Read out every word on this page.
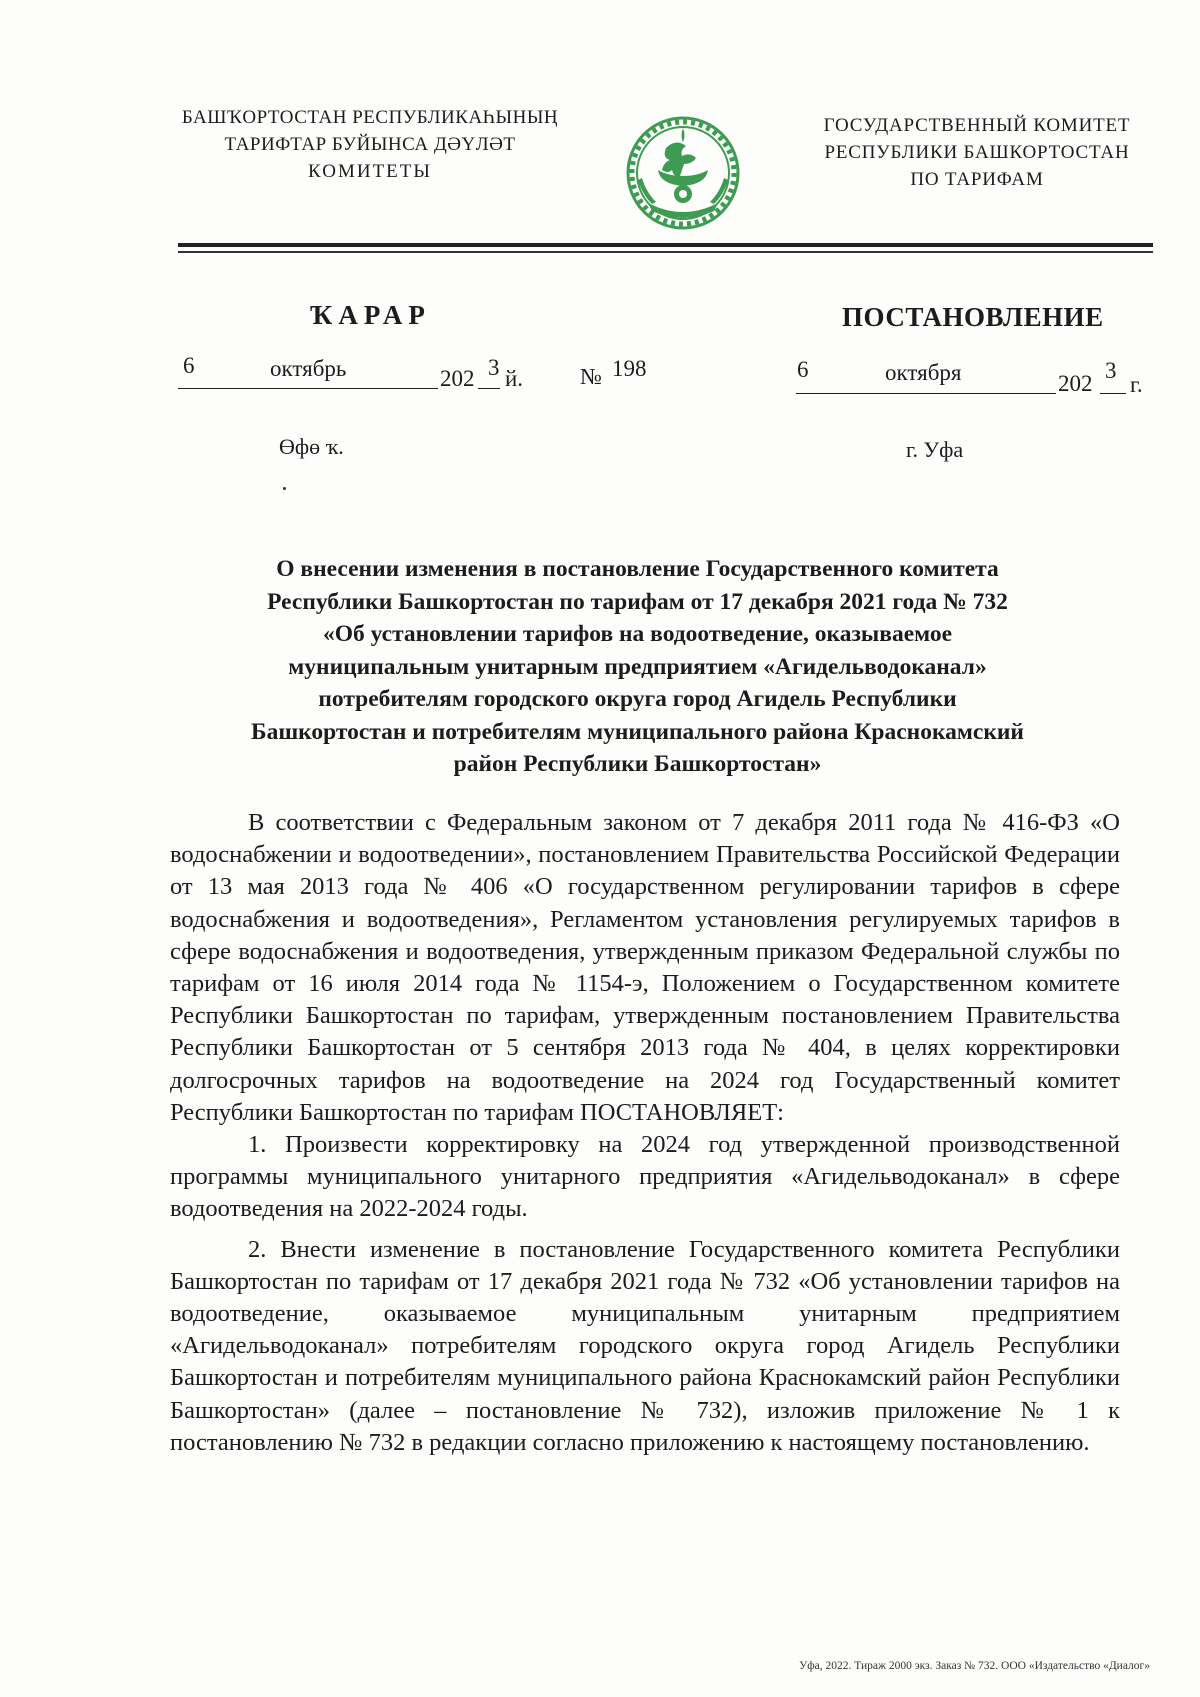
БАШҠОРТОСТАН РЕСПУБЛИКАҺЫНЫҢ
ТАРИФТАР БУЙЫНСА ДӘҮЛӘТ
КОМИТЕТЫ
ГОСУДАРСТВЕННЫЙ КОМИТЕТ
РЕСПУБЛИКИ БАШКОРТОСТАН
ПО ТАРИФАМ
ҠАРАР	ПОСТАНОВЛЕНИЕ
6	октябрь	202 3 й. № 198	6	октября	202
3
г.
Өфө ҡ.	г. Уфа
О внесении изменения в постановление Государственного комитета
Республики Башкортостан по тарифам от 17 декабря 2021 года № 732
«Об установлении тарифов на водоотведение, оказываемое
муниципальным унитарным предприятием «Агидельводоканал»
потребителям городского округа город Агидель Республики
Башкортостан и потребителям муниципального района Краснокамский
район Республики Башкортостан»

В соответствии с Федеральным законом от 7 декабря 2011 года № 416-ФЗ «О водоснабжении и водоотведении», постановлением Правительства Российской Федерации от 13 мая 2013 года № 406 «О государственном регулировании тарифов в сфере водоснабжения и водоотведения», Регламентом установления регулируемых тарифов в сфере водоснабжения и водоотведения, утвержденным приказом Федеральной службы по тарифам от 16 июля 2014 года № 1154-э, Положением о Государственном комитете Республики Башкортостан по тарифам, утвержденным постановлением Правительства Республики Башкортостан от 5 сентября 2013 года № 404, в целях корректировки долгосрочных тарифов на водоотведение на 2024 год Государственный комитет Республики Башкортостан по тарифам ПОСТАНОВЛЯЕТ:

1. Произвести корректировку на 2024 год утвержденной производственной программы муниципального унитарного предприятия «Агидельводоканал» в сфере водоотведения на 2022-2024 годы.

2. Внести изменение в постановление Государственного комитета Республики Башкортостан по тарифам от 17 декабря 2021 года № 732 «Об установлении тарифов на водоотведение, оказываемое муниципальным унитарным предприятием «Агидельводоканал» потребителям городского округа город Агидель Республики Башкортостан и потребителям муниципального района Краснокамский район Республики Башкортостан» (далее – постановление № 732), изложив приложение № 1 к постановлению № 732 в редакции согласно приложению к настоящему постановлению.

Уфа, 2022. Тираж 2000 экз. Заказ № 732. ООО «Издательство «Диалог»
